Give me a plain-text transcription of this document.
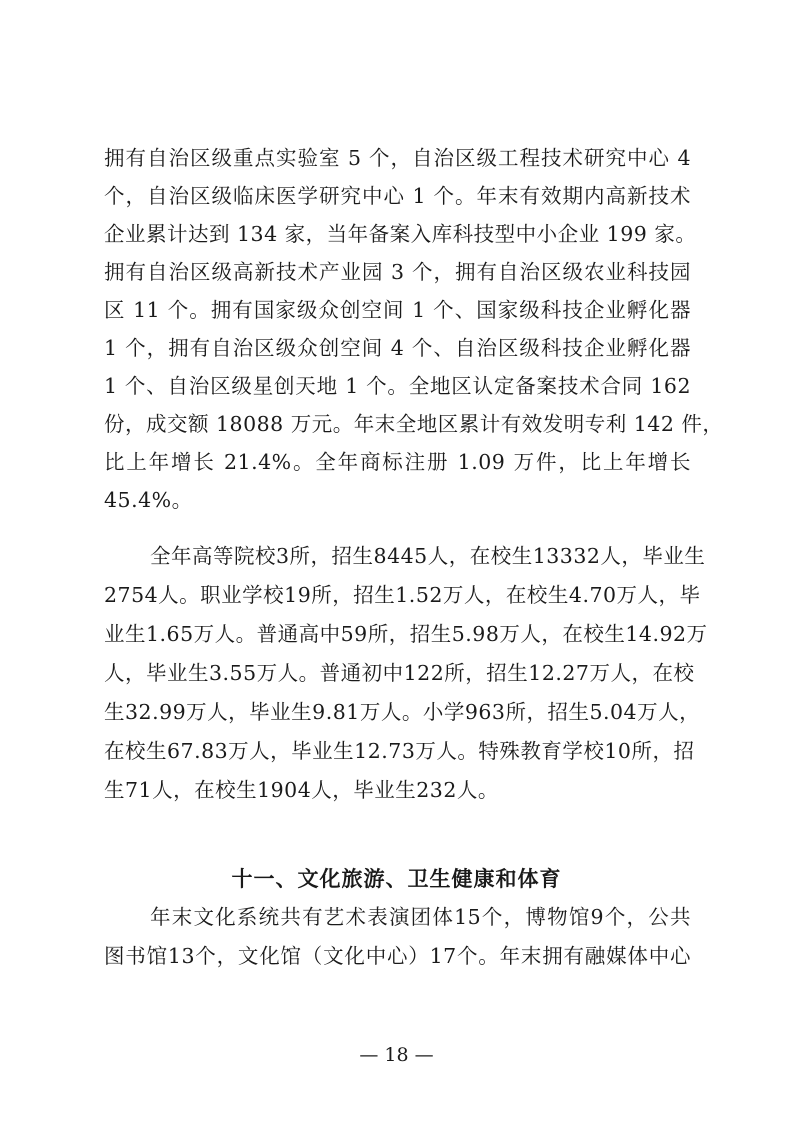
拥有自治区级重点实验室 5 个，自治区级工程技术研究中心 4
个，自治区级临床医学研究中心 1 个。年末有效期内高新技术
企业累计达到 134 家，当年备案入库科技型中小企业 199 家。
拥有自治区级高新技术产业园 3 个，拥有自治区级农业科技园
区 11 个。拥有国家级众创空间 1 个、国家级科技企业孵化器
1 个，拥有自治区级众创空间 4 个、自治区级科技企业孵化器
1 个、自治区级星创天地 1 个。全地区认定备案技术合同 162
份，成交额 18088 万元。年末全地区累计有效发明专利 142 件，
比上年增长 21.4%。全年商标注册 1.09 万件，比上年增长
45.4%。
全年高等院校3所，招生8445人，在校生13332人，毕业生
2754人。职业学校19所，招生1.52万人，在校生4.70万人，毕
业生1.65万人。普通高中59所，招生5.98万人，在校生14.92万
人，毕业生3.55万人。普通初中122所，招生12.27万人，在校
生32.99万人，毕业生9.81万人。小学963所，招生5.04万人，
在校生67.83万人，毕业生12.73万人。特殊教育学校10所，招
生71人，在校生1904人，毕业生232人。
十一、文化旅游、卫生健康和体育
年末文化系统共有艺术表演团体15个，博物馆9个，公共
图书馆13个，文化馆（文化中心）17个。年末拥有融媒体中心
— 18 —
